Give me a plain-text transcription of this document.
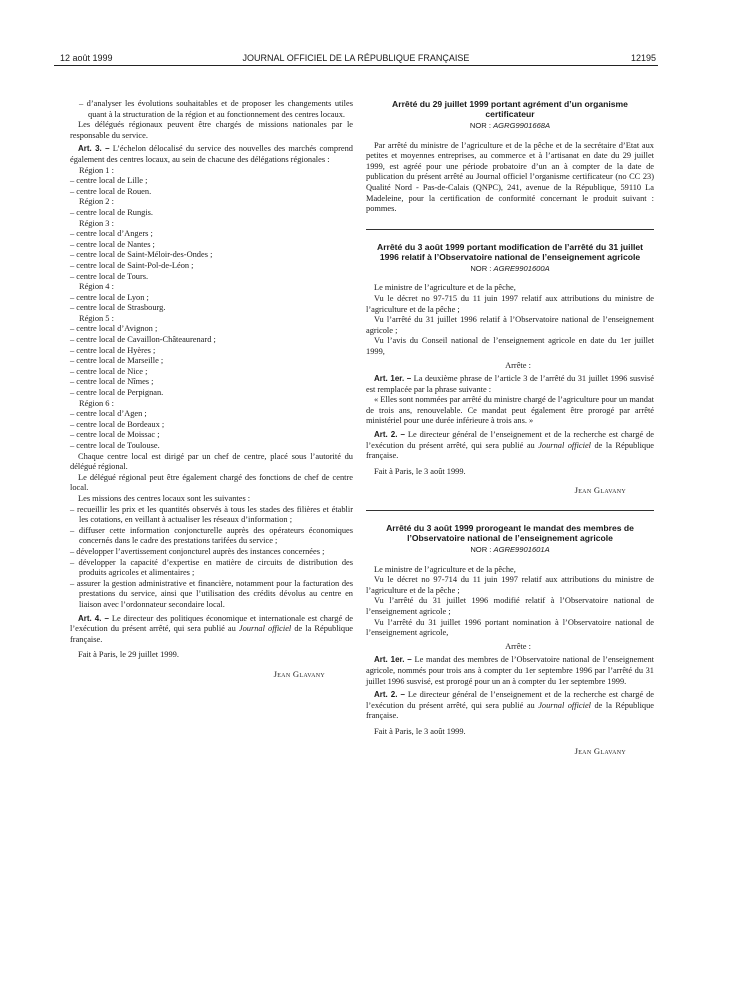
12 août 1999	JOURNAL OFFICIEL DE LA RÉPUBLIQUE FRANÇAISE	12195

– d’analyser les évolutions souhaitables et de proposer les changements utiles quant à la structuration de la région et au fonctionnement des centres locaux.

Les délégués régionaux peuvent être chargés de missions nationales par le responsable du service.

Art. 3. – L’échelon délocalisé du service des nouvelles des marchés comprend également des centres locaux, au sein de chacune des délégations régionales :

Région 1 :

– centre local de Lille ;

– centre local de Rouen.

Région 2 :

– centre local de Rungis.

Région 3 :

– centre local d’Angers ;

– centre local de Nantes ;

– centre local de Saint-Méloir-des-Ondes ;

– centre local de Saint-Pol-de-Léon ;

– centre local de Tours.

Région 4 :

– centre local de Lyon ;

– centre local de Strasbourg.

Région 5 :

– centre local d’Avignon ;

– centre local de Cavaillon-Châteaurenard ;

– centre local de Hyères ;

– centre local de Marseille ;

– centre local de Nice ;

– centre local de Nîmes ;

– centre local de Perpignan.

Région 6 :

– centre local d’Agen ;

– centre local de Bordeaux ;

– centre local de Moissac ;

– centre local de Toulouse.

Chaque centre local est dirigé par un chef de centre, placé sous l’autorité du délégué régional.

Le délégué régional peut être également chargé des fonctions de chef de centre local.

Les missions des centres locaux sont les suivantes :

– recueillir les prix et les quantités observés à tous les stades des filières et établir les cotations, en veillant à actualiser les réseaux d’information ;

– diffuser cette information conjoncturelle auprès des opérateurs économiques concernés dans le cadre des prestations tarifées du service ;

– développer l’avertissement conjoncturel auprès des instances concernées ;

– développer la capacité d’expertise en matière de circuits de distribution des produits agricoles et alimentaires ;

– assurer la gestion administrative et financière, notamment pour la facturation des prestations du service, ainsi que l’utilisation des crédits dévolus au centre en liaison avec l’ordonnateur secondaire local.

Art. 4. – Le directeur des politiques économique et internationale est chargé de l’exécution du présent arrêté, qui sera publié au Journal officiel de la République française.

Fait à Paris, le 29 juillet 1999.

Jean Glavany

Arrêté du 29 juillet 1999 portant agrément d’un organisme certificateur

NOR : AGRG9901668A

Par arrêté du ministre de l’agriculture et de la pêche et de la secrétaire d’Etat aux petites et moyennes entreprises, au commerce et à l’artisanat en date du 29 juillet 1999, est agréé pour une période probatoire d’un an à compter de la date de publication du présent arrêté au Journal officiel l’organisme certificateur (no CC 23) Qualité Nord - Pas-de-Calais (QNPC), 241, avenue de la République, 59110 La Madeleine, pour la certification de conformité concernant le produit suivant : pommes.

Arrêté du 3 août 1999 portant modification de l’arrêté du 31 juillet 1996 relatif à l’Observatoire national de l’enseignement agricole

NOR : AGRE9901600A

Le ministre de l’agriculture et de la pêche,

Vu le décret no 97-715 du 11 juin 1997 relatif aux attributions du ministre de l’agriculture et de la pêche ;

Vu l’arrêté du 31 juillet 1996 relatif à l’Observatoire national de l’enseignement agricole ;

Vu l’avis du Conseil national de l’enseignement agricole en date du 1er juillet 1999,

Arrête :

Art. 1er. – La deuxième phrase de l’article 3 de l’arrêté du 31 juillet 1996 susvisé est remplacée par la phrase suivante :

« Elles sont nommées par arrêté du ministre chargé de l’agriculture pour un mandat de trois ans, renouvelable. Ce mandat peut également être prorogé par arrêté ministériel pour une durée inférieure à trois ans. »

Art. 2. – Le directeur général de l’enseignement et de la recherche est chargé de l’exécution du présent arrêté, qui sera publié au Journal officiel de la République française.

Fait à Paris, le 3 août 1999.

Jean Glavany

Arrêté du 3 août 1999 prorogeant le mandat des membres de l’Observatoire national de l’enseignement agricole

NOR : AGRE9901601A

Le ministre de l’agriculture et de la pêche,

Vu le décret no 97-714 du 11 juin 1997 relatif aux attributions du ministre de l’agriculture et de la pêche ;

Vu l’arrêté du 31 juillet 1996 modifié relatif à l’Observatoire national de l’enseignement agricole ;

Vu l’arrêté du 31 juillet 1996 portant nomination à l’Observatoire national de l’enseignement agricole,

Arrête :

Art. 1er. – Le mandat des membres de l’Observatoire national de l’enseignement agricole, nommés pour trois ans à compter du 1er septembre 1996 par l’arrêté du 31 juillet 1996 susvisé, est prorogé pour un an à compter du 1er septembre 1999.

Art. 2. – Le directeur général de l’enseignement et de la recherche est chargé de l’exécution du présent arrêté, qui sera publié au Journal officiel de la République française.

Fait à Paris, le 3 août 1999.

Jean Glavany
